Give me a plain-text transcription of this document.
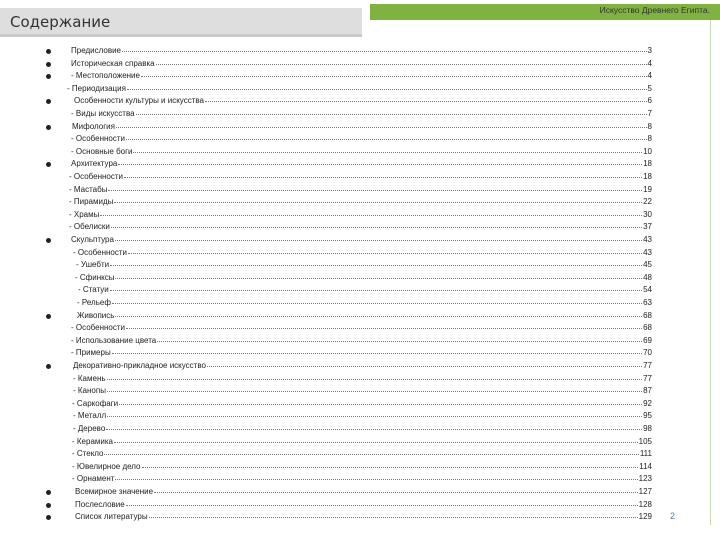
Содержание
Искусство Древнего Египта.
Предисловие	3
Историческая справка	4
- Местоположение	4
- Периодизация	5
Особенности культуры и искусства	6
- Виды искусства	7
Мифология	8
- Особенности	8
- Основные боги	10
Архитектура	18
- Особенности	18
- Мастабы	19
- Пирамиды	22
- Храмы	30
- Обелиски	37
Скульптура	43
- Особенности	43
- Ушебти	45
- Сфинксы	48
- Статуи	54
- Рельеф	63
Живопись	68
- Особенности	68
- Использование цвета	69
- Примеры	70
Декоративно-прикладное искусство	77
- Камень	77
- Канопы	87
- Саркофаги	92
- Металл	95
- Дерево	98
- Керамика	105
- Стекло	111
- Ювелирное дело	114
- Орнамент	123
Всемирное значение	127
Послесловие	128
Список литературы	129 2
